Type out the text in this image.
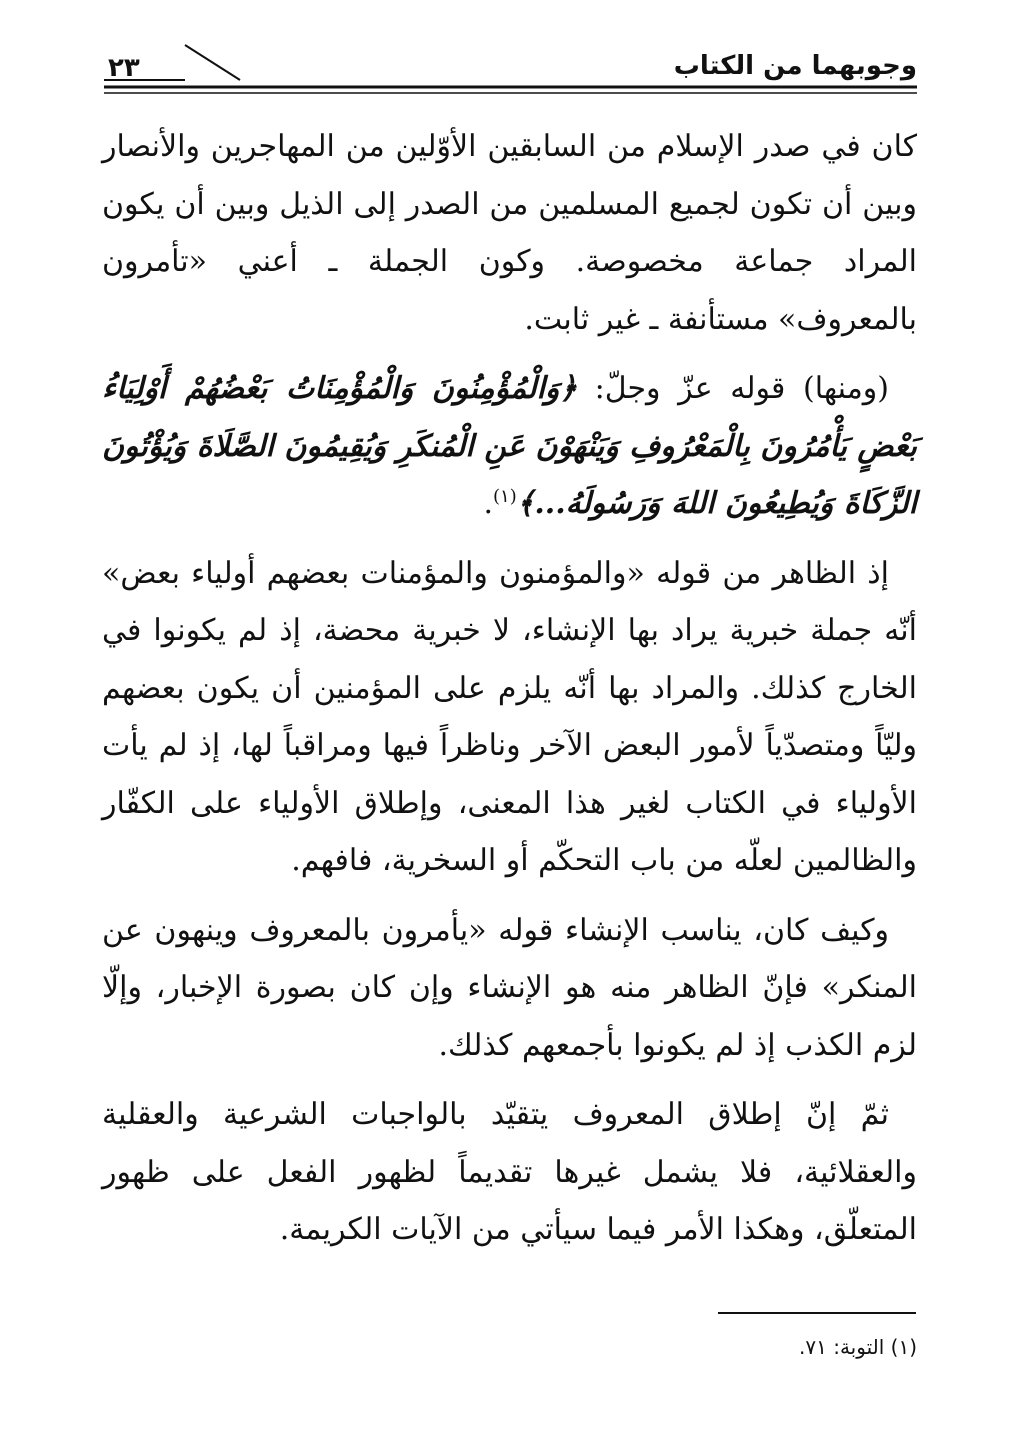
وجوبهما من الكتاب
٢٣

كان في صدر الإسلام من السابقين الأوّلين من المهاجرين والأنصار وبين أن تكون لجميع المسلمين من الصدر إلى الذيل وبين أن يكون المراد جماعة مخصوصة. وكون الجملة ـ أعني «تأمرون بالمعروف» مستأنفة ـ غير ثابت.

(ومنها) قوله عزّ وجلّ: ﴿وَالْمُؤْمِنُونَ وَالْمُؤْمِنَاتُ بَعْضُهُمْ أَوْلِيَاءُ بَعْضٍ يَأْمُرُونَ بِالْمَعْرُوفِ وَيَنْهَوْنَ عَنِ الْمُنكَرِ وَيُقِيمُونَ الصَّلَاةَ وَيُؤْتُونَ الزَّكَاةَ وَيُطِيعُونَ اللهَ وَرَسُولَهُ...﴾$^{(١)}$.

إذ الظاهر من قوله «والمؤمنون والمؤمنات بعضهم أولياء بعض» أنّه جملة خبرية يراد بها الإنشاء، لا خبرية محضة، إذ لم يكونوا في الخارج كذلك. والمراد بها أنّه يلزم على المؤمنين أن يكون بعضهم وليّاً ومتصدّياً لأمور البعض الآخر وناظراً فيها ومراقباً لها، إذ لم يأت الأولياء في الكتاب لغير هذا المعنى، وإطلاق الأولياء على الكفّار والظالمين لعلّه من باب التحكّم أو السخرية، فافهم.

وكيف كان، يناسب الإنشاء قوله «يأمرون بالمعروف وينهون عن المنكر» فإنّ الظاهر منه هو الإنشاء وإن كان بصورة الإخبار، وإلّا لزم الكذب إذ لم يكونوا بأجمعهم كذلك.

ثمّ إنّ إطلاق المعروف يتقيّد بالواجبات الشرعية والعقلية والعقلائية، فلا يشمل غيرها تقديماً لظهور الفعل على ظهور المتعلّق، وهكذا الأمر فيما سيأتي من الآيات الكريمة.

(١) التوبة: ٧١.
